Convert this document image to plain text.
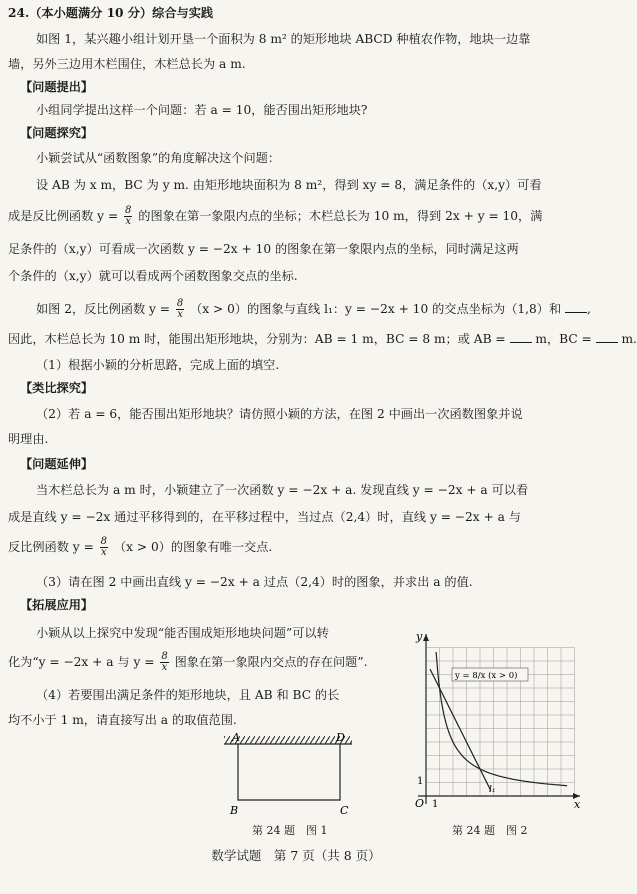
24.（本小题满分 10 分）综合与实践
如图 1，某兴趣小组计划开垦一个面积为 8 m² 的矩形地块 ABCD 种植农作物，地块一边靠
墙，另外三边用木栏围住，木栏总长为 a m.
【问题提出】
小组同学提出这样一个问题：若 a = 10，能否围出矩形地块?
【问题探究】
小颖尝试从“函数图象”的角度解决这个问题：
设 AB 为 x m，BC 为 y m. 由矩形地块面积为 8 m²，得到 xy = 8，满足条件的（x,y）可看
成是反比例函数 $y = \frac{8}{x}$ 的图象在第一象限内点的坐标；木栏总长为 10 m，得到 2x + y = 10，满
足条件的（x,y）可看成一次函数 y = −2x + 10 的图象在第一象限内点的坐标，同时满足这两
个条件的（x,y）就可以看成两个函数图象交点的坐标.
如图 2，反比例函数 $y = \frac{8}{x} (x > 0)$的图象与直线 l₁：y = −2x + 10 的交点坐标为（1,8）和 ,
因此，木栏总长为 10 m 时，能围出矩形地块，分别为：AB = 1 m，BC = 8 m；或 AB = m，BC = m.
（1）根据小颖的分析思路，完成上面的填空.
【类比探究】
（2）若 a = 6，能否围出矩形地块？请仿照小颖的方法，在图 2 中画出一次函数图象并说
明理由.
【问题延伸】
当木栏总长为 a m 时，小颖建立了一次函数 y = −2x + a. 发现直线 y = −2x + a 可以看
成是直线 y = −2x 通过平移得到的，在平移过程中，当过点（2,4）时，直线 y = −2x + a 与
反比例函数 $y = \frac{8}{x} (x > 0)$的图象有唯一交点.
（3）请在图 2 中画出直线 y = −2x + a 过点（2,4）时的图象，并求出 a 的值.
【拓展应用】
小颖从以上探究中发现“能否围成矩形地块问题”可以转
化为“y = −2x + a 与 $y = \frac{8}{x}$ 图象在第一象限内交点的存在问题”.
（4）若要围出满足条件的矩形地块，且 AB 和 BC 的长
均不小于 1 m，请直接写出 a 的取值范围.
A	D
B	C
第 24 题　图 1
x
y
O 1
1
y = 8/x (x > 0)
l₁
第 24 题　图 2
数学试题　第 7 页（共 8 页）
